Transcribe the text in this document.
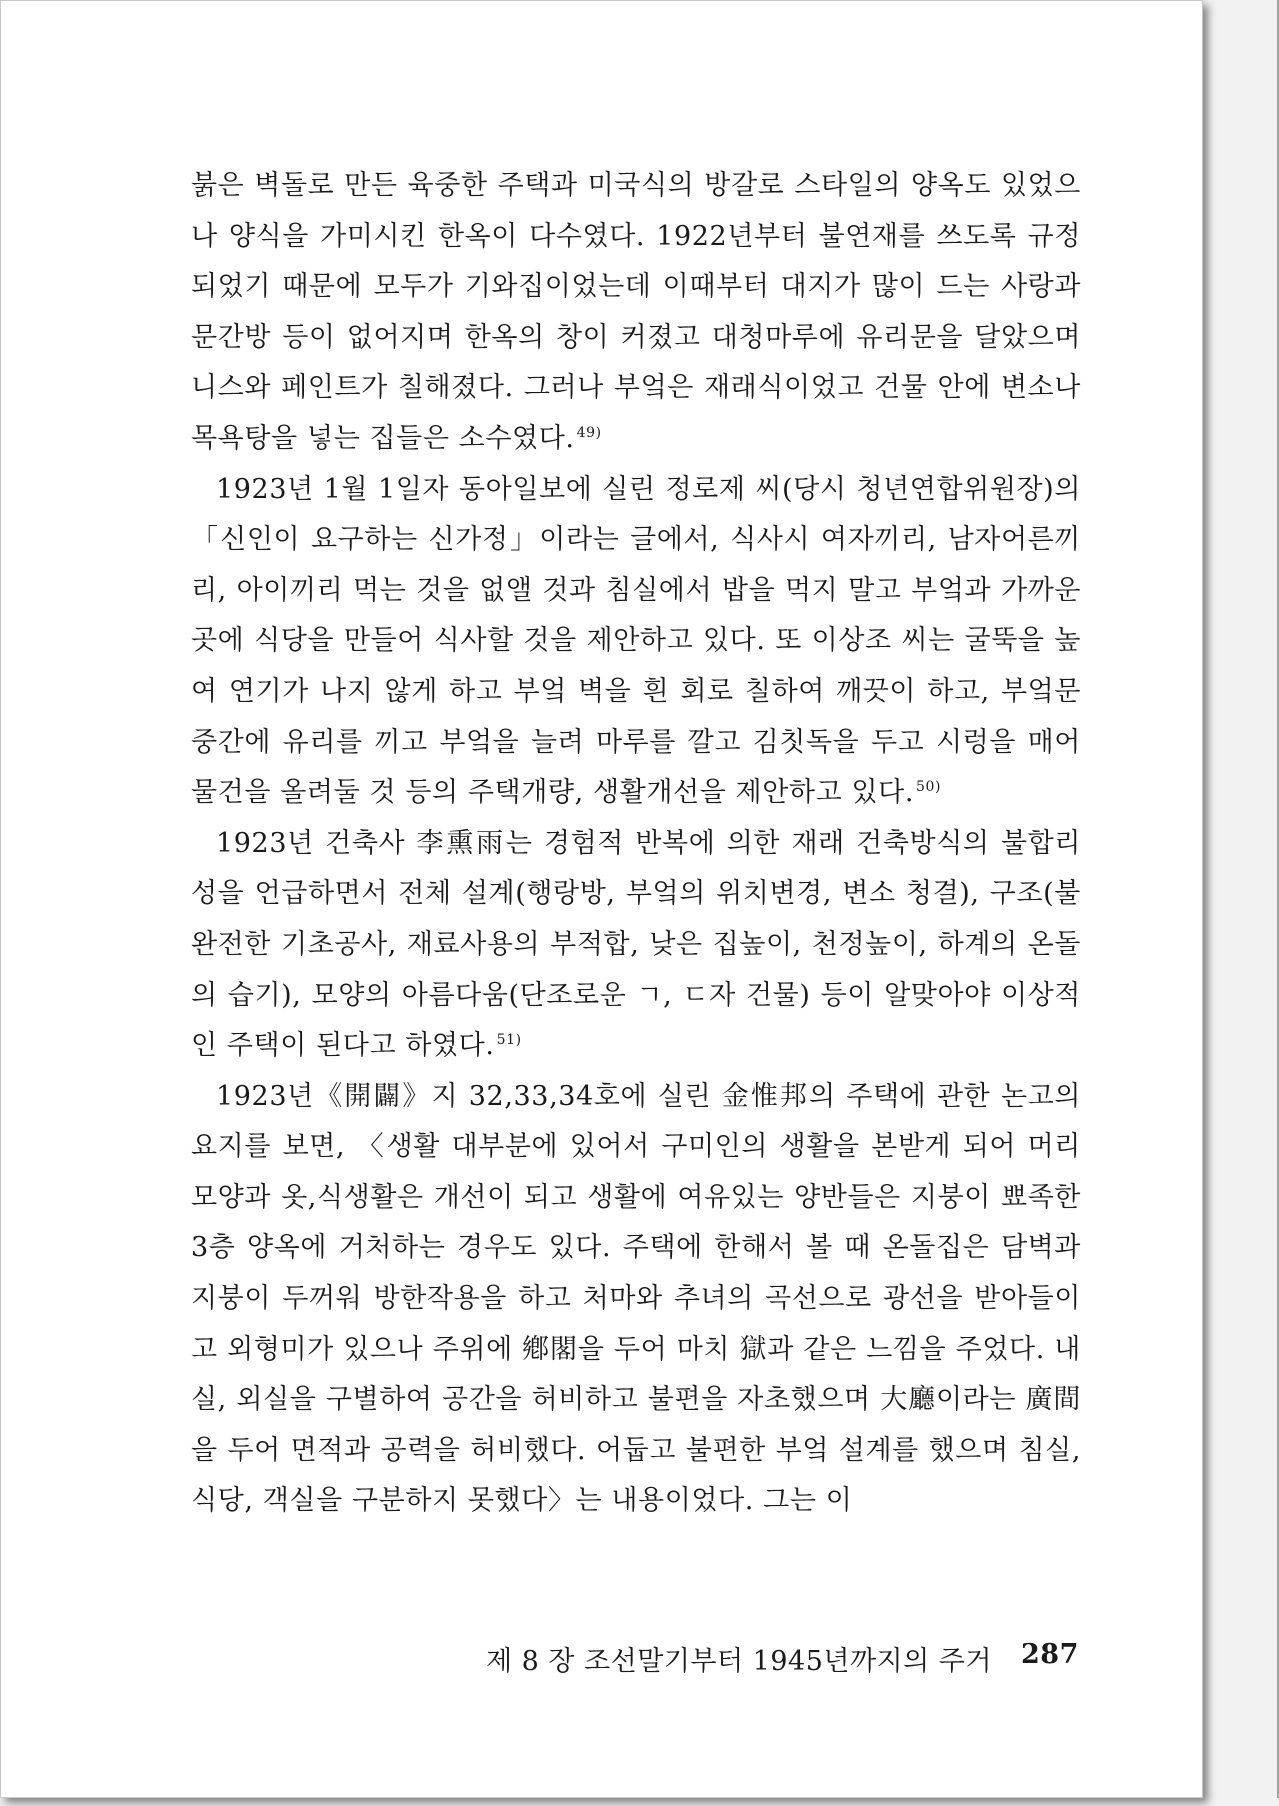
붉은 벽돌로 만든 육중한 주택과 미국식의 방갈로 스타일의 양옥도 있었으나 양식을 가미시킨 한옥이 다수였다. 1922년부터 불연재를 쓰도록 규정되었기 때문에 모두가 기와집이었는데 이때부터 대지가 많이 드는 사랑과 문간방 등이 없어지며 한옥의 창이 커졌고 대청마루에 유리문을 달았으며 니스와 페인트가 칠해졌다. 그러나 부엌은 재래식이었고 건물 안에 변소나 목욕탕을 넣는 집들은 소수였다. $^{49)}$

1923년 1월 1일자 동아일보에 실린 정로제 씨(당시 청년연합위원장)의 「신인이 요구하는 신가정」이라는 글에서, 식사시 여자끼리, 남자어른끼리, 아이끼리 먹는 것을 없앨 것과 침실에서 밥을 먹지 말고 부엌과 가까운 곳에 식당을 만들어 식사할 것을 제안하고 있다. 또 이상조 씨는 굴뚝을 높여 연기가 나지 않게 하고 부엌 벽을 흰 회로 칠하여 깨끗이 하고, 부엌문 중간에 유리를 끼고 부엌을 늘려 마루를 깔고 김칫독을 두고 시렁을 매어 물건을 올려둘 것 등의 주택개량, 생활개선을 제안하고 있다. $^{50)}$

1923년 건축사 李熏雨는 경험적 반복에 의한 재래 건축방식의 불합리성을 언급하면서 전체 설계(행랑방, 부엌의 위치변경, 변소 청결), 구조(불완전한 기초공사, 재료사용의 부적합, 낮은 집높이, 천정높이, 하계의 온돌의 습기), 모양의 아름다움(단조로운 ㄱ, ㄷ자 건물) 등이 알맞아야 이상적인 주택이 된다고 하였다. $^{51)}$

1923년《開闢》지 32,33,34호에 실린 金惟邦의 주택에 관한 논고의 요지를 보면, 〈생활 대부분에 있어서 구미인의 생활을 본받게 되어 머리모양과 옷,식생활은 개선이 되고 생활에 여유있는 양반들은 지붕이 뾰족한 3층 양옥에 거처하는 경우도 있다. 주택에 한해서 볼 때 온돌집은 담벽과 지붕이 두꺼워 방한작용을 하고 처마와 추녀의 곡선으로 광선을 받아들이고 외형미가 있으나 주위에 鄕閣을 두어 마치 獄과 같은 느낌을 주었다. 내실, 외실을 구별하여 공간을 허비하고 불편을 자초했으며 大廳이라는 廣間을 두어 면적과 공력을 허비했다. 어둡고 불편한 부엌 설계를 했으며 침실, 식당, 객실을 구분하지 못했다〉는 내용이었다. 그는 이

제 8 장 조선말기부터 1945년까지의 주거 287
